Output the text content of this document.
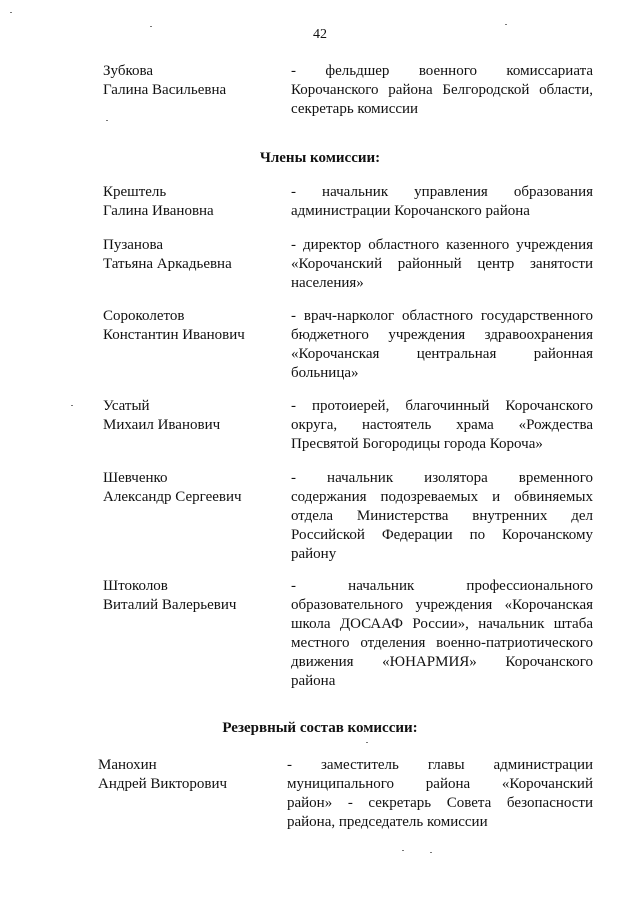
42
Зубкова
Галина Васильевна
- фельдшер военного комиссариата
Корочанского района Белгородской области,
секретарь комиссии
Члены комиссии:
Крештель
Галина Ивановна
- начальник управления образования
администрации Корочанского района
Пузанова
Татьяна Аркадьевна
- директор областного казенного учреждения
«Корочанский районный центр занятости
населения»
Сороколетов
Константин Иванович
- врач-нарколог областного государственного
бюджетного учреждения здравоохранения
«Корочанская центральная районная
больница»
Усатый
Михаил Иванович
- протоиерей, благочинный Корочанского
округа, настоятель храма «Рождества
Пресвятой Богородицы города Короча»
Шевченко
Александр Сергеевич
- начальник изолятора временного
содержания подозреваемых и обвиняемых
отдела Министерства внутренних дел
Российской Федерации по Корочанскому
району
Штоколов
Виталий Валерьевич
- начальник профессионального
образовательного учреждения «Корочанская
школа ДОСААФ России», начальник штаба
местного отделения военно-патриотического
движения «ЮНАРМИЯ» Корочанского
района
Резервный состав комиссии:
Манохин
Андрей Викторович
- заместитель главы администрации
муниципального района «Корочанский
район» - секретарь Совета безопасности
района, председатель комиссии
